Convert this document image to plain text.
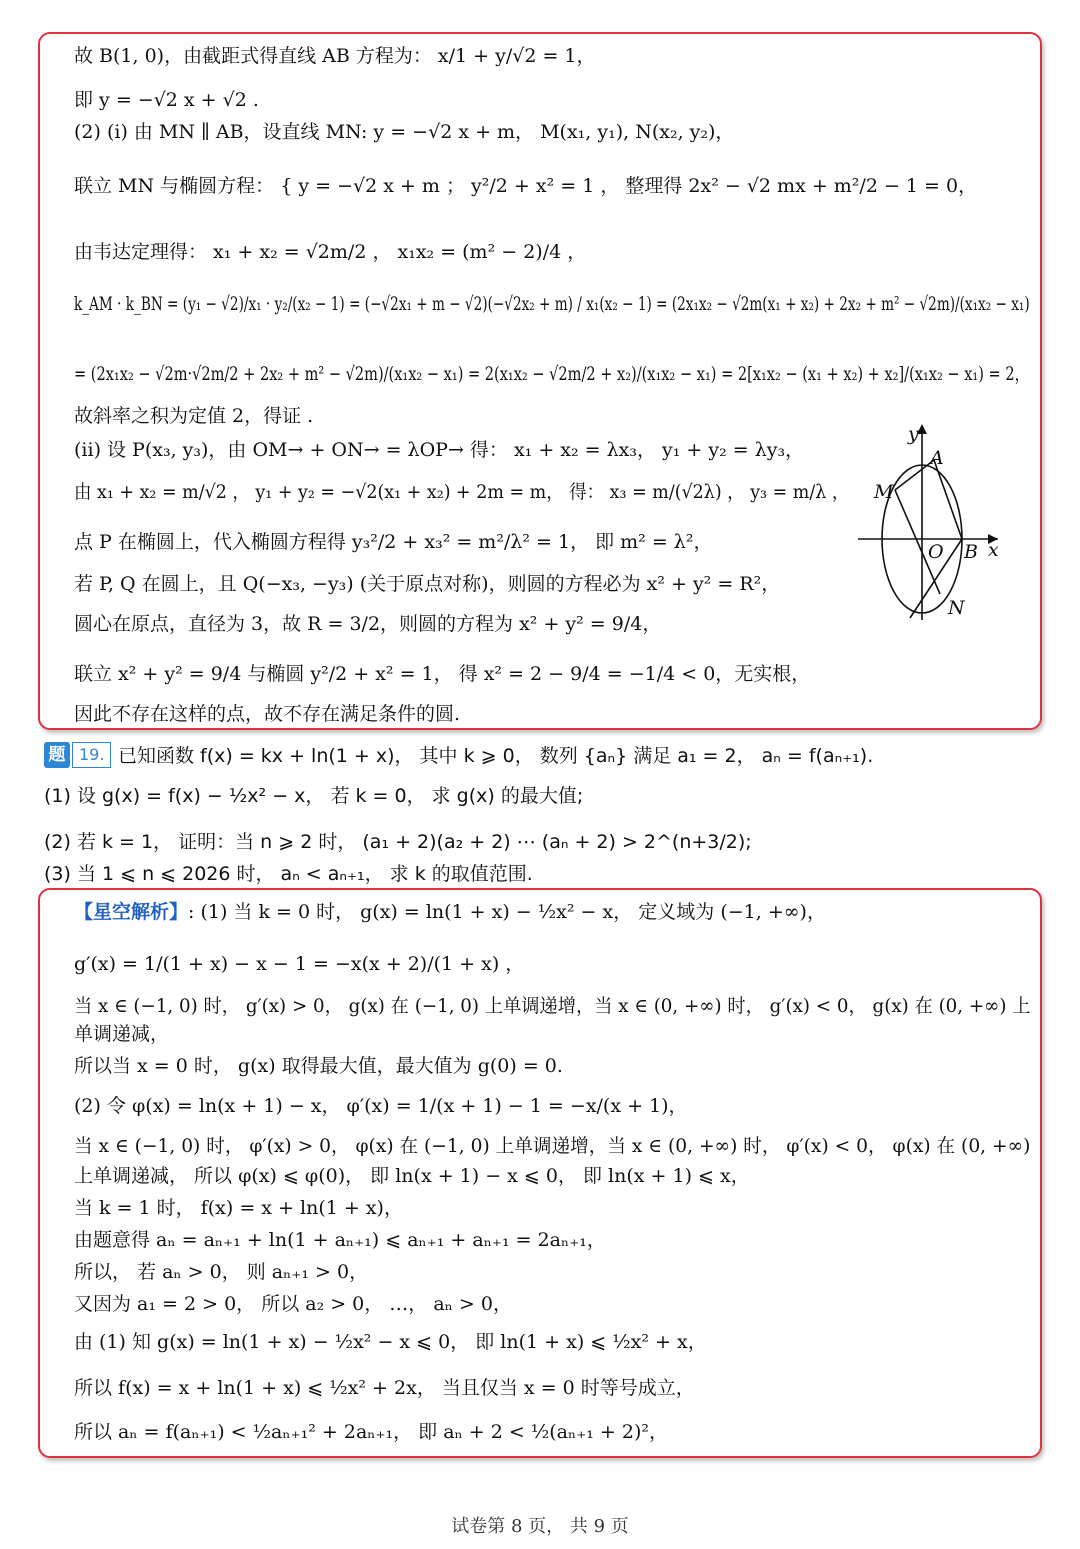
故 B(1, 0)，由截距式得直线 AB 方程为： x/1 + y/√2 = 1，
即 y = −√2 x + √2 .
(2) (i) 由 MN ∥ AB，设直线 MN: y = −√2 x + m， M(x₁, y₁), N(x₂, y₂)，
联立 MN 与椭圆方程： { y = −√2 x + m ； y²/2 + x² = 1 ， 整理得 2x² − √2 mx + m²/2 − 1 = 0，
由韦达定理得： x₁ + x₂ = √2m/2 ， x₁x₂ = (m² − 2)/4 ，
k_AM · k_BN = (y₁ − √2)/x₁ · y₂/(x₂ − 1) = (−√2x₁ + m − √2)(−√2x₂ + m) / x₁(x₂ − 1) = (2x₁x₂ − √2m(x₁ + x₂) + 2x₂ + m² − √2m)/(x₁x₂ − x₁)
= (2x₁x₂ − √2m·√2m/2 + 2x₂ + m² − √2m)/(x₁x₂ − x₁) = 2(x₁x₂ − √2m/2 + x₂)/(x₁x₂ − x₁) = 2[x₁x₂ − (x₁ + x₂) + x₂]/(x₁x₂ − x₁) = 2，
故斜率之积为定值 2，得证 .
(ii) 设 P(x₃, y₃)，由 OM→ + ON→ = λOP→ 得： x₁ + x₂ = λx₃， y₁ + y₂ = λy₃，
由 x₁ + x₂ = m/√2 ， y₁ + y₂ = −√2(x₁ + x₂) + 2m = m， 得： x₃ = m/(√2λ) ， y₃ = m/λ ，
点 P 在椭圆上，代入椭圆方程得 y₃²/2 + x₃² = m²/λ² = 1， 即 m² = λ²，
若 P, Q 在圆上，且 Q(−x₃, −y₃) (关于原点对称)，则圆的方程必为 x² + y² = R²，
圆心在原点，直径为 3，故 R = 3/2，则圆的方程为 x² + y² = 9/4，
联立 x² + y² = 9/4 与椭圆 y²/2 + x² = 1， 得 x² = 2 − 9/4 = −1/4 < 0，无实根，
因此不存在这样的点，故不存在满足条件的圆.
y
x
A
M
O B
N
题 19. 已知函数 f(x) = kx + ln(1 + x)， 其中 k ⩾ 0， 数列 {aₙ} 满足 a₁ = 2， aₙ = f(aₙ₊₁).
(1) 设 g(x) = f(x) − ½x² − x， 若 k = 0， 求 g(x) 的最大值;
(2) 若 k = 1， 证明：当 n ⩾ 2 时， (a₁ + 2)(a₂ + 2) ⋯ (aₙ + 2) > 2^(n+3/2);
(3) 当 1 ⩽ n ⩽ 2026 时， aₙ < aₙ₊₁， 求 k 的取值范围.
【星空解析】: (1) 当 k = 0 时， g(x) = ln(1 + x) − ½x² − x， 定义域为 (−1, +∞)，
g′(x) = 1/(1 + x) − x − 1 = −x(x + 2)/(1 + x) ，
当 x ∈ (−1, 0) 时， g′(x) > 0， g(x) 在 (−1, 0) 上单调递增，当 x ∈ (0, +∞) 时， g′(x) < 0， g(x) 在 (0, +∞) 上
单调递减，
所以当 x = 0 时， g(x) 取得最大值，最大值为 g(0) = 0.
(2) 令 φ(x) = ln(x + 1) − x， φ′(x) = 1/(x + 1) − 1 = −x/(x + 1)，
当 x ∈ (−1, 0) 时， φ′(x) > 0， φ(x) 在 (−1, 0) 上单调递增，当 x ∈ (0, +∞) 时， φ′(x) < 0， φ(x) 在 (0, +∞)
上单调递减， 所以 φ(x) ⩽ φ(0)， 即 ln(x + 1) − x ⩽ 0， 即 ln(x + 1) ⩽ x，
当 k = 1 时， f(x) = x + ln(1 + x)，
由题意得 aₙ = aₙ₊₁ + ln(1 + aₙ₊₁) ⩽ aₙ₊₁ + aₙ₊₁ = 2aₙ₊₁，
所以， 若 aₙ > 0， 则 aₙ₊₁ > 0，
又因为 a₁ = 2 > 0， 所以 a₂ > 0， …， aₙ > 0，
由 (1) 知 g(x) = ln(1 + x) − ½x² − x ⩽ 0， 即 ln(1 + x) ⩽ ½x² + x，
所以 f(x) = x + ln(1 + x) ⩽ ½x² + 2x， 当且仅当 x = 0 时等号成立，
所以 aₙ = f(aₙ₊₁) < ½aₙ₊₁² + 2aₙ₊₁， 即 aₙ + 2 < ½(aₙ₊₁ + 2)²，
试卷第 8 页， 共 9 页
